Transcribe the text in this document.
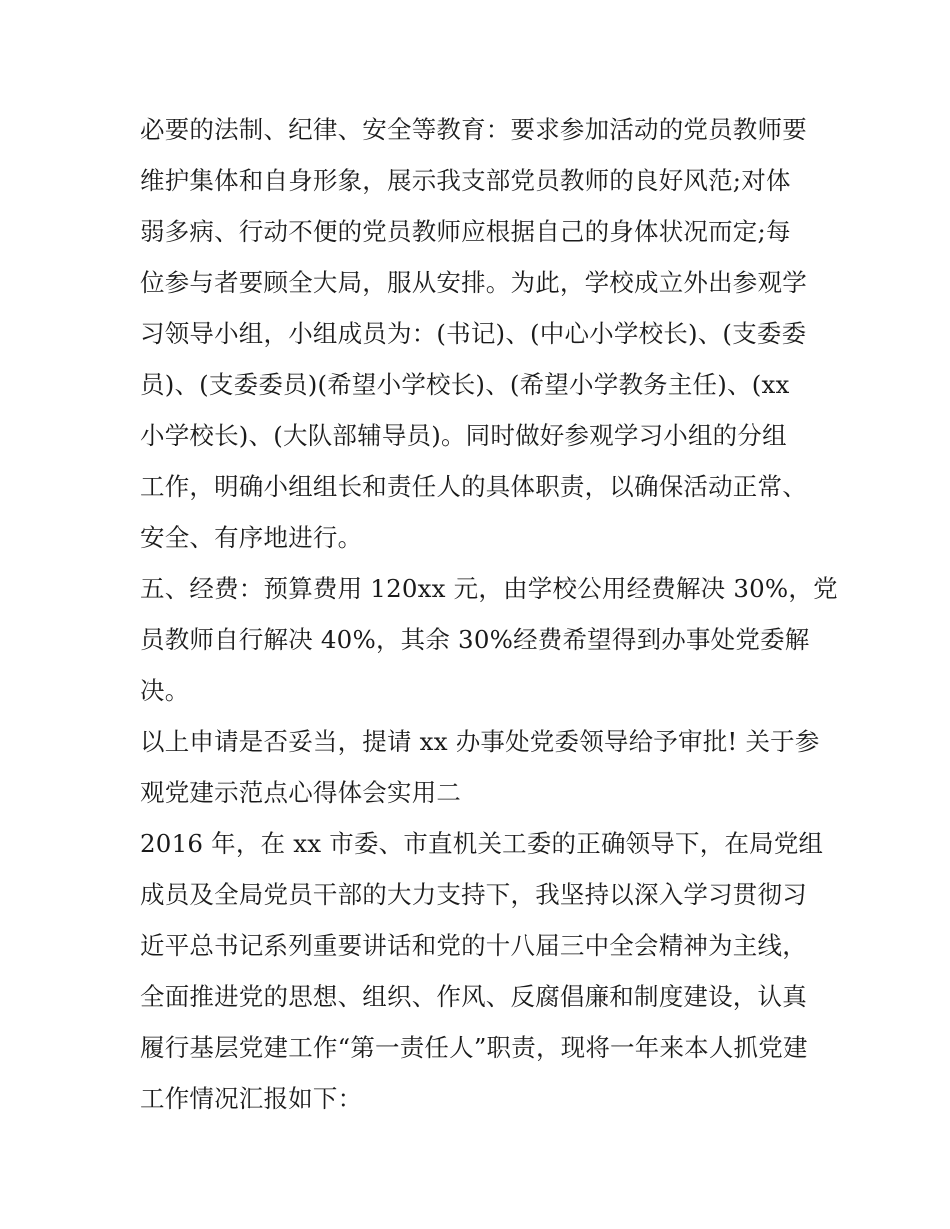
必要的法制、纪律、安全等教育：要求参加活动的党员教师要
维护集体和自身形象，展示我支部党员教师的良好风范;对体
弱多病、行动不便的党员教师应根据自己的身体状况而定;每
位参与者要顾全大局，服从安排。为此，学校成立外出参观学
习领导小组，小组成员为：(书记)、(中心小学校长)、(支委委
员)、(支委委员)(希望小学校长)、(希望小学教务主任)、(xx
小学校长)、(大队部辅导员)。同时做好参观学习小组的分组
工作，明确小组组长和责任人的具体职责，以确保活动正常、
安全、有序地进行。
五、经费：预算费用 120xx 元，由学校公用经费解决 30%，党
员教师自行解决 40%，其余 30%经费希望得到办事处党委解
决。
以上申请是否妥当，提请 xx 办事处党委领导给予审批! 关于参
观党建示范点心得体会实用二
2016 年，在 xx 市委、市直机关工委的正确领导下，在局党组
成员及全局党员干部的大力支持下，我坚持以深入学习贯彻习
近平总书记系列重要讲话和党的十八届三中全会精神为主线，
全面推进党的思想、组织、作风、反腐倡廉和制度建设，认真
履行基层党建工作“第一责任人”职责，现将一年来本人抓党建
工作情况汇报如下：
